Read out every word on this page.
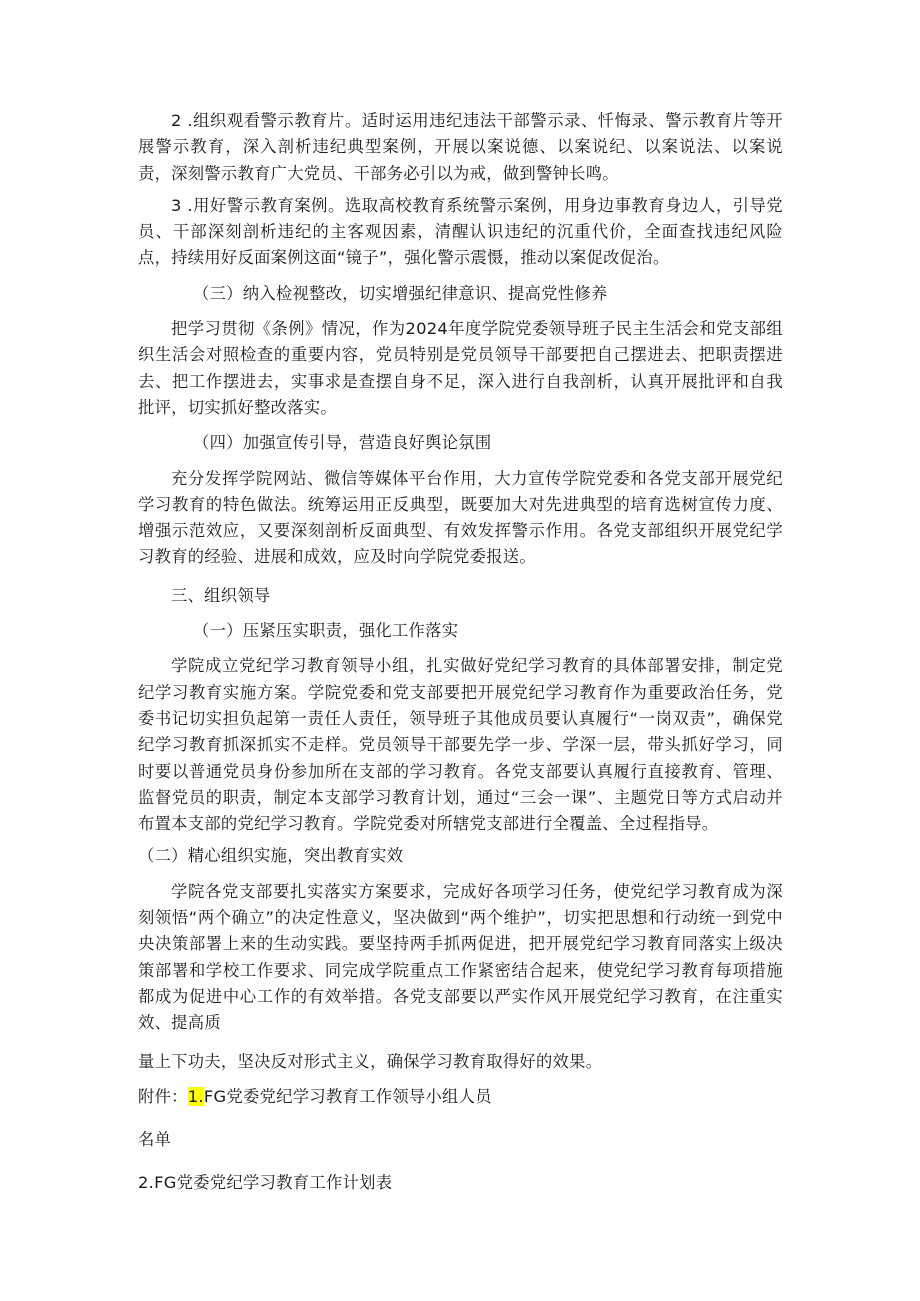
2 .组织观看警示教育片。适时运用违纪违法干部警示录、忏悔录、警示教育片等开展警示教育，深入剖析违纪典型案例，开展以案说德、以案说纪、以案说法、以案说责，深刻警示教育广大党员、干部务必引以为戒，做到警钟长鸣。

3 .用好警示教育案例。选取高校教育系统警示案例，用身边事教育身边人，引导党员、干部深刻剖析违纪的主客观因素，清醒认识违纪的沉重代价，全面查找违纪风险点，持续用好反面案例这面“镜子”，强化警示震慑，推动以案促改促治。

（三）纳入检视整改，切实增强纪律意识、提高党性修养

把学习贯彻《条例》情况，作为2024年度学院党委领导班子民主生活会和党支部组织生活会对照检查的重要内容，党员特别是党员领导干部要把自己摆进去、把职责摆进去、把工作摆进去，实事求是查摆自身不足，深入进行自我剖析，认真开展批评和自我批评，切实抓好整改落实。

（四）加强宣传引导，营造良好舆论氛围

充分发挥学院网站、微信等媒体平台作用，大力宣传学院党委和各党支部开展党纪学习教育的特色做法。统筹运用正反典型，既要加大对先进典型的培育选树宣传力度、增强示范效应，又要深刻剖析反面典型、有效发挥警示作用。各党支部组织开展党纪学习教育的经验、进展和成效，应及时向学院党委报送。

三、组织领导

（一）压紧压实职责，强化工作落实

学院成立党纪学习教育领导小组，扎实做好党纪学习教育的具体部署安排，制定党纪学习教育实施方案。学院党委和党支部要把开展党纪学习教育作为重要政治任务，党委书记切实担负起第一责任人责任，领导班子其他成员要认真履行“一岗双责”，确保党纪学习教育抓深抓实不走样。党员领导干部要先学一步、学深一层，带头抓好学习，同时要以普通党员身份参加所在支部的学习教育。各党支部要认真履行直接教育、管理、监督党员的职责，制定本支部学习教育计划，通过“三会一课”、主题党日等方式启动并布置本支部的党纪学习教育。学院党委对所辖党支部进行全覆盖、全过程指导。

（二）精心组织实施，突出教育实效

学院各党支部要扎实落实方案要求，完成好各项学习任务，使党纪学习教育成为深刻领悟“两个确立”的决定性意义，坚决做到“两个维护”，切实把思想和行动统一到党中央决策部署上来的生动实践。要坚持两手抓两促进，把开展党纪学习教育同落实上级决策部署和学校工作要求、同完成学院重点工作紧密结合起来，使党纪学习教育每项措施都成为促进中心工作的有效举措。各党支部要以严实作风开展党纪学习教育，在注重实效、提高质

量上下功夫，坚决反对形式主义，确保学习教育取得好的效果。

附件：1.FG党委党纪学习教育工作领导小组人员

名单

2.FG党委党纪学习教育工作计划表
